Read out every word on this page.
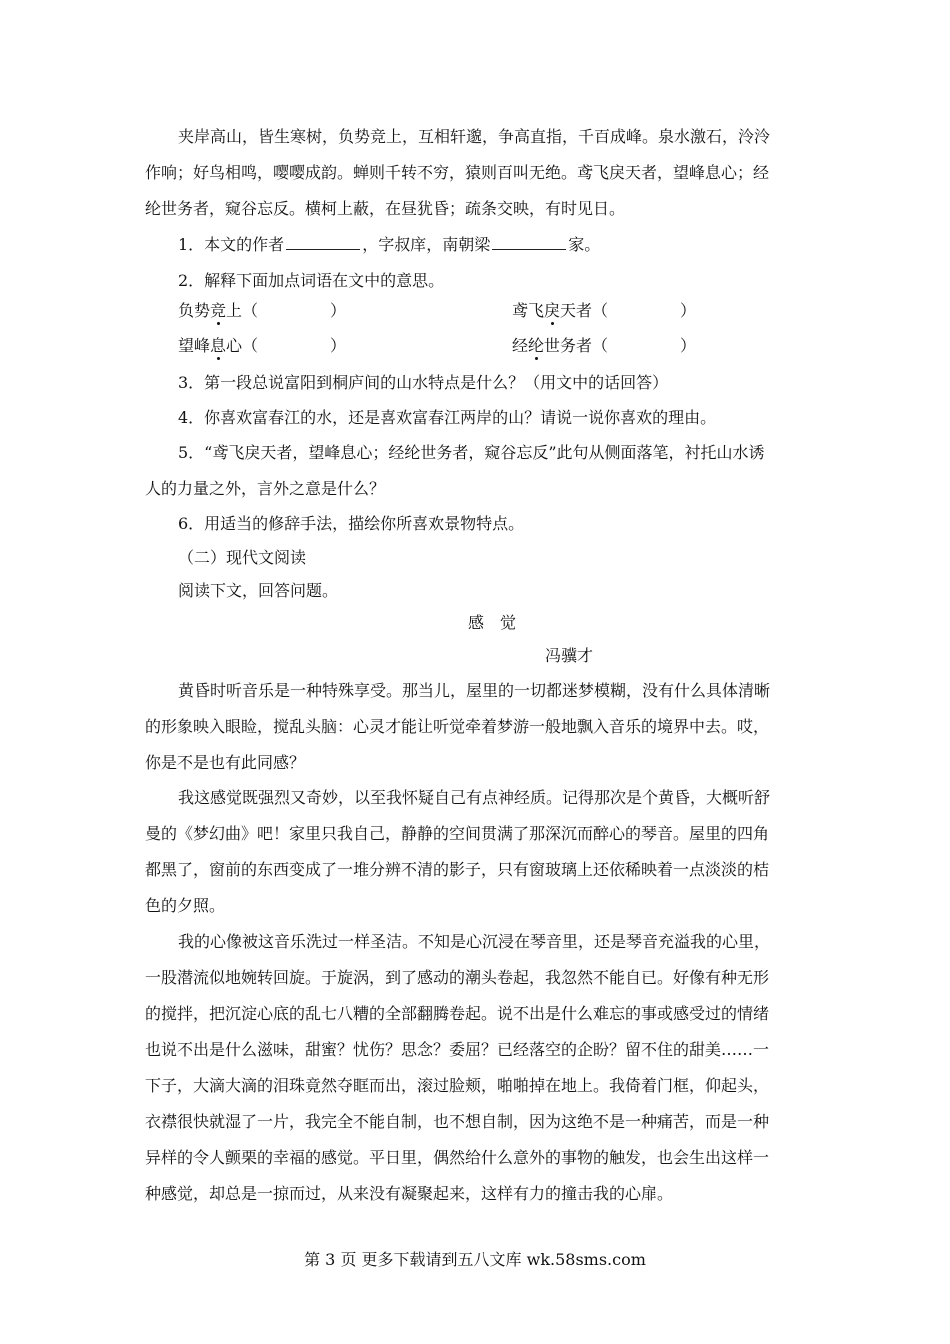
夹岸高山，皆生寒树，负势竞上，互相轩邈，争高直指，千百成峰。泉水激石，泠泠
作响；好鸟相鸣，嘤嘤成韵。蝉则千转不穷，猿则百叫无绝。鸢飞戾天者，望峰息心；经
纶世务者，窥谷忘反。横柯上蔽，在昼犹昏；疏条交映，有时见日。
1．本文的作者	，字叔庠，南朝梁	家。
2．解释下面加点词语在文中的意思。
负势竞上（	）	鸢飞戾天者（	）
望峰息心（	）	经纶世务者（	）
3．第一段总说富阳到桐庐间的山水特点是什么？（用文中的话回答）
4．你喜欢富春江的水，还是喜欢富春江两岸的山？请说一说你喜欢的理由。
5．“鸢飞戾天者，望峰息心；经纶世务者，窥谷忘反”此句从侧面落笔，衬托山水诱
人的力量之外，言外之意是什么？
6．用适当的修辞手法，描绘你所喜欢景物特点。
（二）现代文阅读
阅读下文，回答问题。
感　觉
冯骥才
黄昏时听音乐是一种特殊享受。那当儿，屋里的一切都迷梦模糊，没有什么具体清晰
的形象映入眼睑，搅乱头脑：心灵才能让听觉牵着梦游一般地飘入音乐的境界中去。哎，
你是不是也有此同感？
我这感觉既强烈又奇妙，以至我怀疑自己有点神经质。记得那次是个黄昏，大概听舒
曼的《梦幻曲》吧！家里只我自己，静静的空间贯满了那深沉而醉心的琴音。屋里的四角
都黑了，窗前的东西变成了一堆分辨不清的影子，只有窗玻璃上还依稀映着一点淡淡的桔
色的夕照。
我的心像被这音乐洗过一样圣洁。不知是心沉浸在琴音里，还是琴音充溢我的心里，
一股潜流似地婉转回旋。于旋涡，到了感动的潮头卷起，我忽然不能自已。好像有种无形
的搅拌，把沉淀心底的乱七八糟的全部翻腾卷起。说不出是什么难忘的事或感受过的情绪
也说不出是什么滋味，甜蜜？忧伤？思念？委屈？已经落空的企盼？留不住的甜美……一
下子，大滴大滴的泪珠竟然夺眶而出，滚过脸颊，啪啪掉在地上。我倚着门框，仰起头，
衣襟很快就湿了一片，我完全不能自制，也不想自制，因为这绝不是一种痛苦，而是一种
异样的令人颤栗的幸福的感觉。平日里，偶然给什么意外的事物的触发，也会生出这样一
种感觉，却总是一掠而过，从来没有凝聚起来，这样有力的撞击我的心扉。
第 3 页 更多下载请到五八文库 wk.58sms.com
